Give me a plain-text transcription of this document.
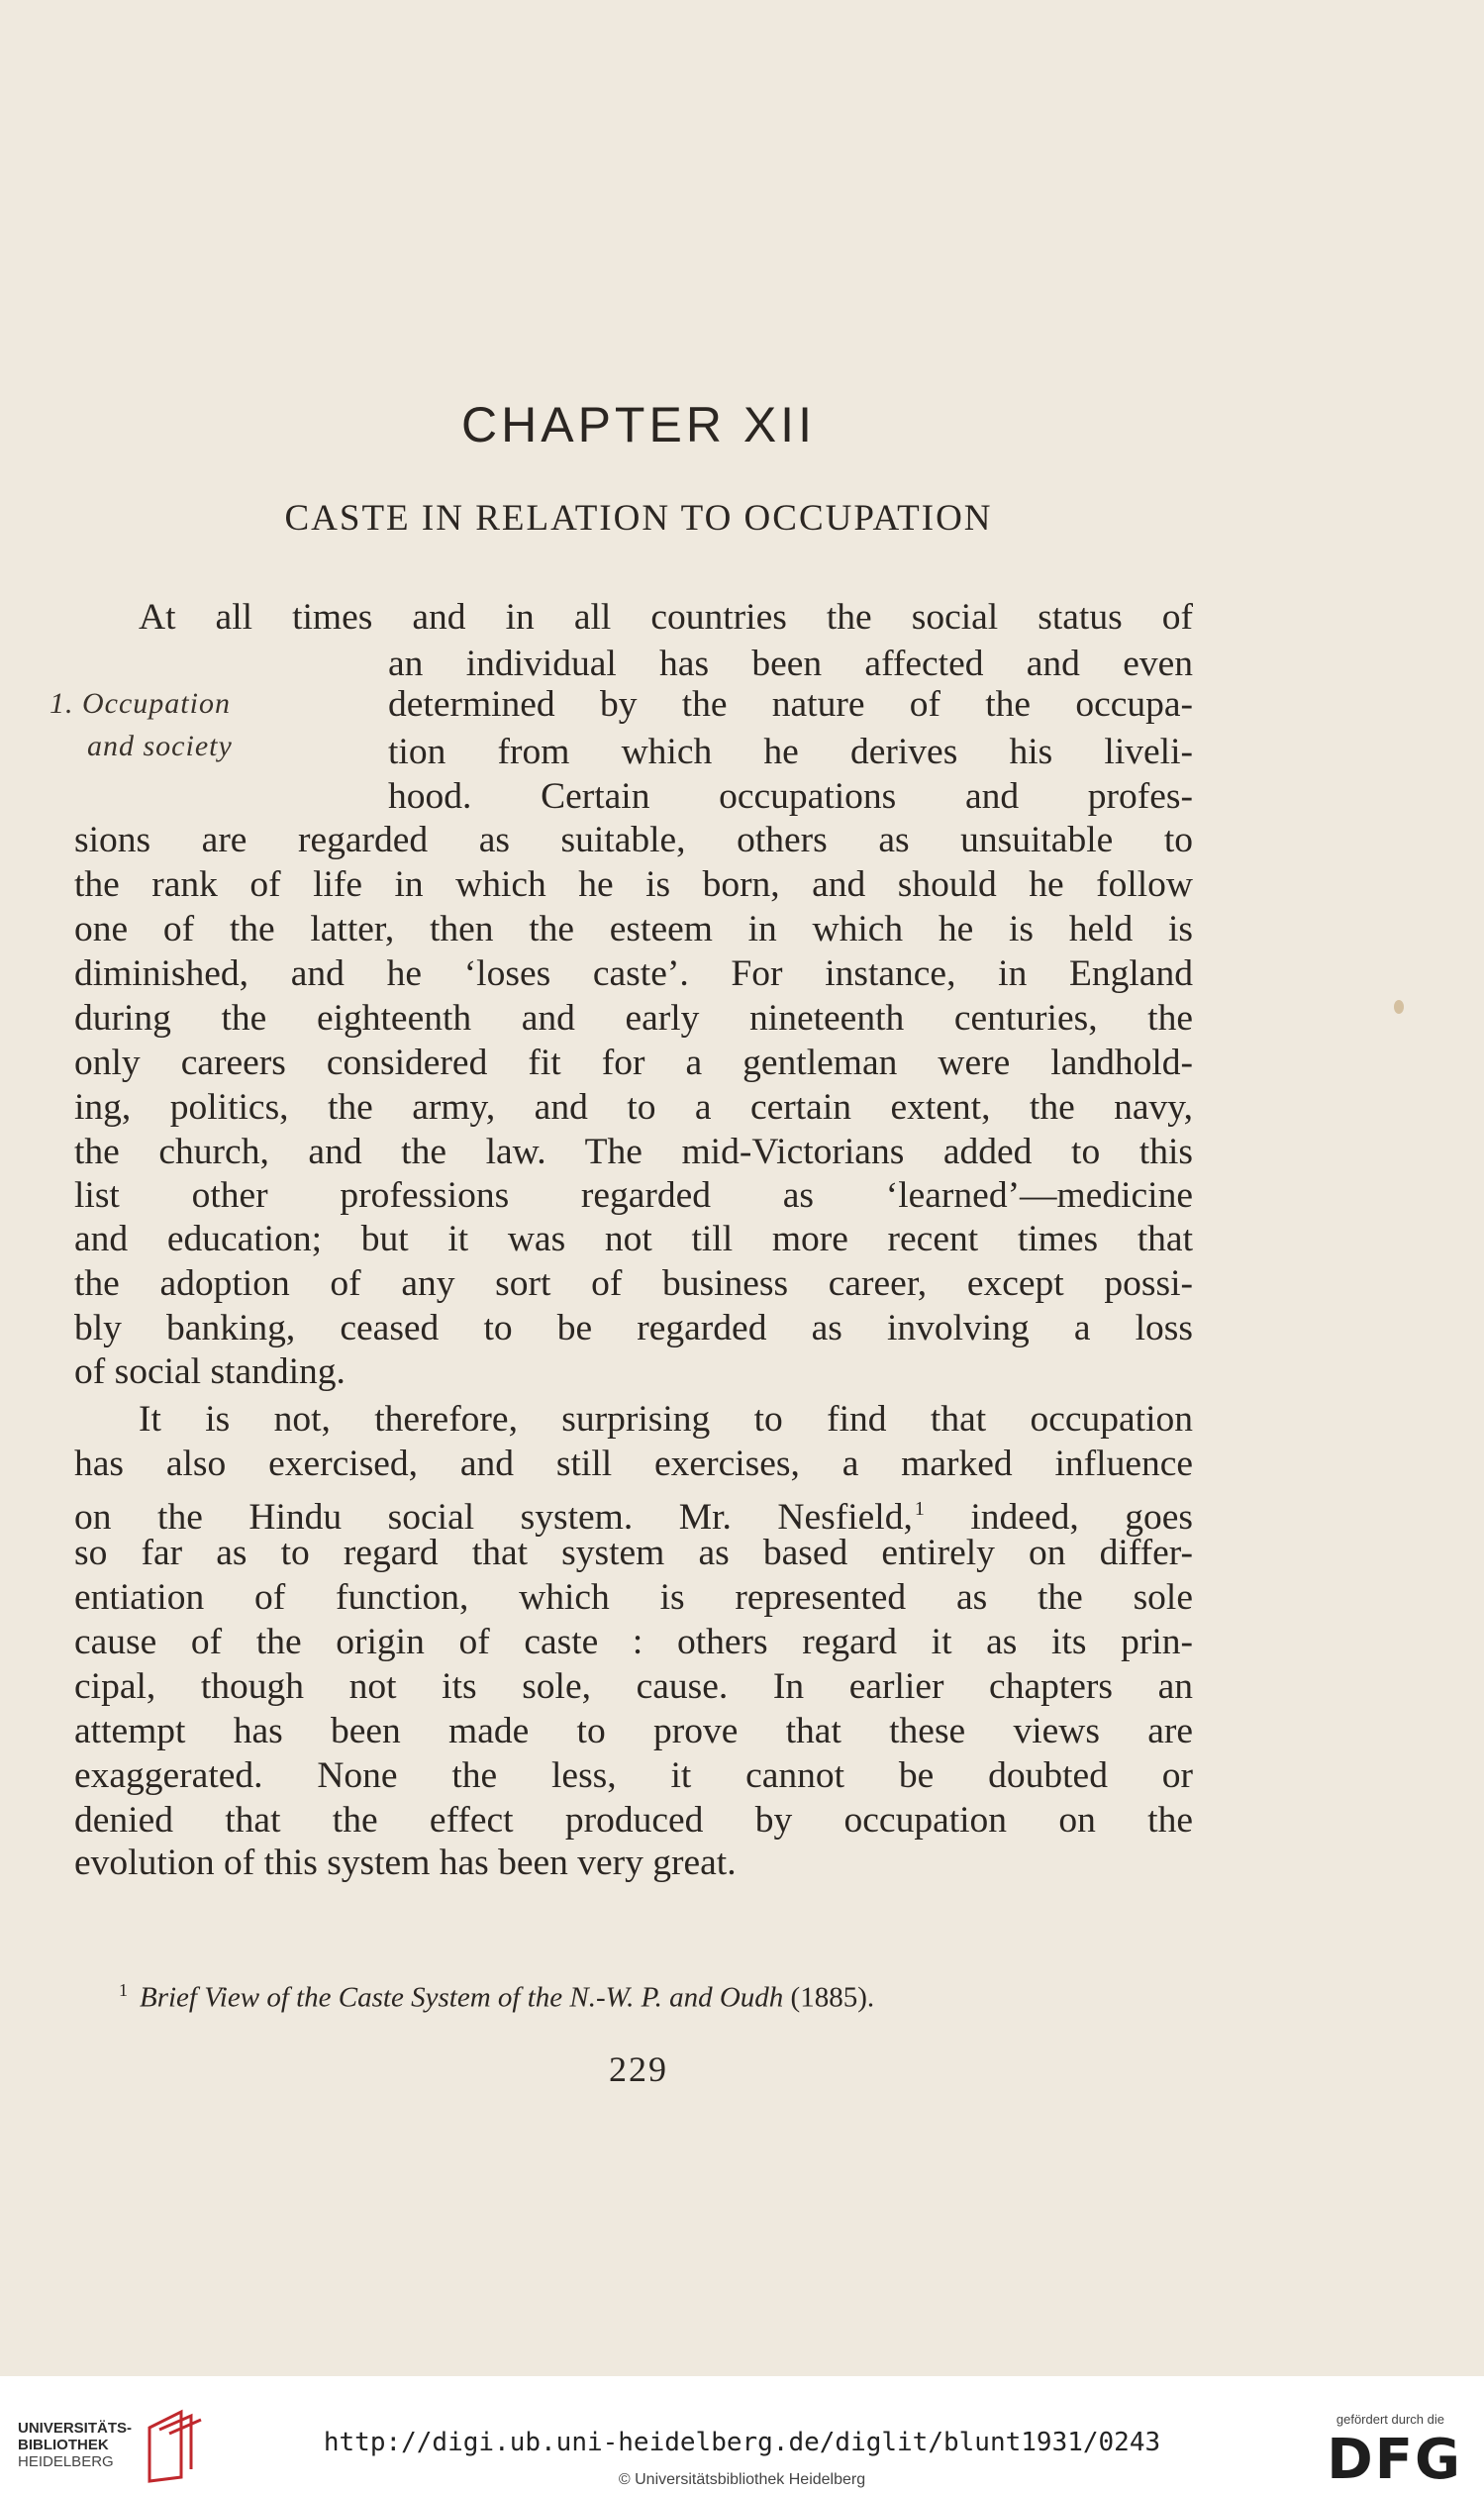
CHAPTER XII
CASTE IN RELATION TO OCCUPATION
1. Occupation
and society
At all times and in all countries the social status of
an individual has been affected and even
determined by the nature of the occupa-
tion from which he derives his liveli-
hood. Certain occupations and profes-
sions are regarded as suitable, others as unsuitable to
the rank of life in which he is born, and should he follow
one of the latter, then the esteem in which he is held is
diminished, and he ‘loses caste’. For instance, in England
during the eighteenth and early nineteenth centuries, the
only careers considered fit for a gentleman were landhold-
ing, politics, the army, and to a certain extent, the navy,
the church, and the law. The mid-Victorians added to this
list other professions regarded as ‘learned’—medicine
and education; but it was not till more recent times that
the adoption of any sort of business career, except possi-
bly banking, ceased to be regarded as involving a loss
of social standing.
It is not, therefore, surprising to find that occupation
has also exercised, and still exercises, a marked influence
on the Hindu social system. Mr. Nesfield, $^1$ indeed, goes
so far as to regard that system as based entirely on differ-
entiation of function, which is represented as the sole
cause of the origin of caste : others regard it as its prin-
cipal, though not its sole, cause. In earlier chapters an
attempt has been made to prove that these views are
exaggerated. None the less, it cannot be doubted or
denied that the effect produced by occupation on the
evolution of this system has been very great.
$^1$ Brief View of the Caste System of the N.-W. P. and Oudh (1885).
229
UNIVERSITÄTS-
BIBLIOTHEK

HEIDELBERG
http://digi.ub.uni-heidelberg.de/diglit/blunt1931/0243
© Universitätsbibliothek Heidelberg
gefördert durch die
DFG
